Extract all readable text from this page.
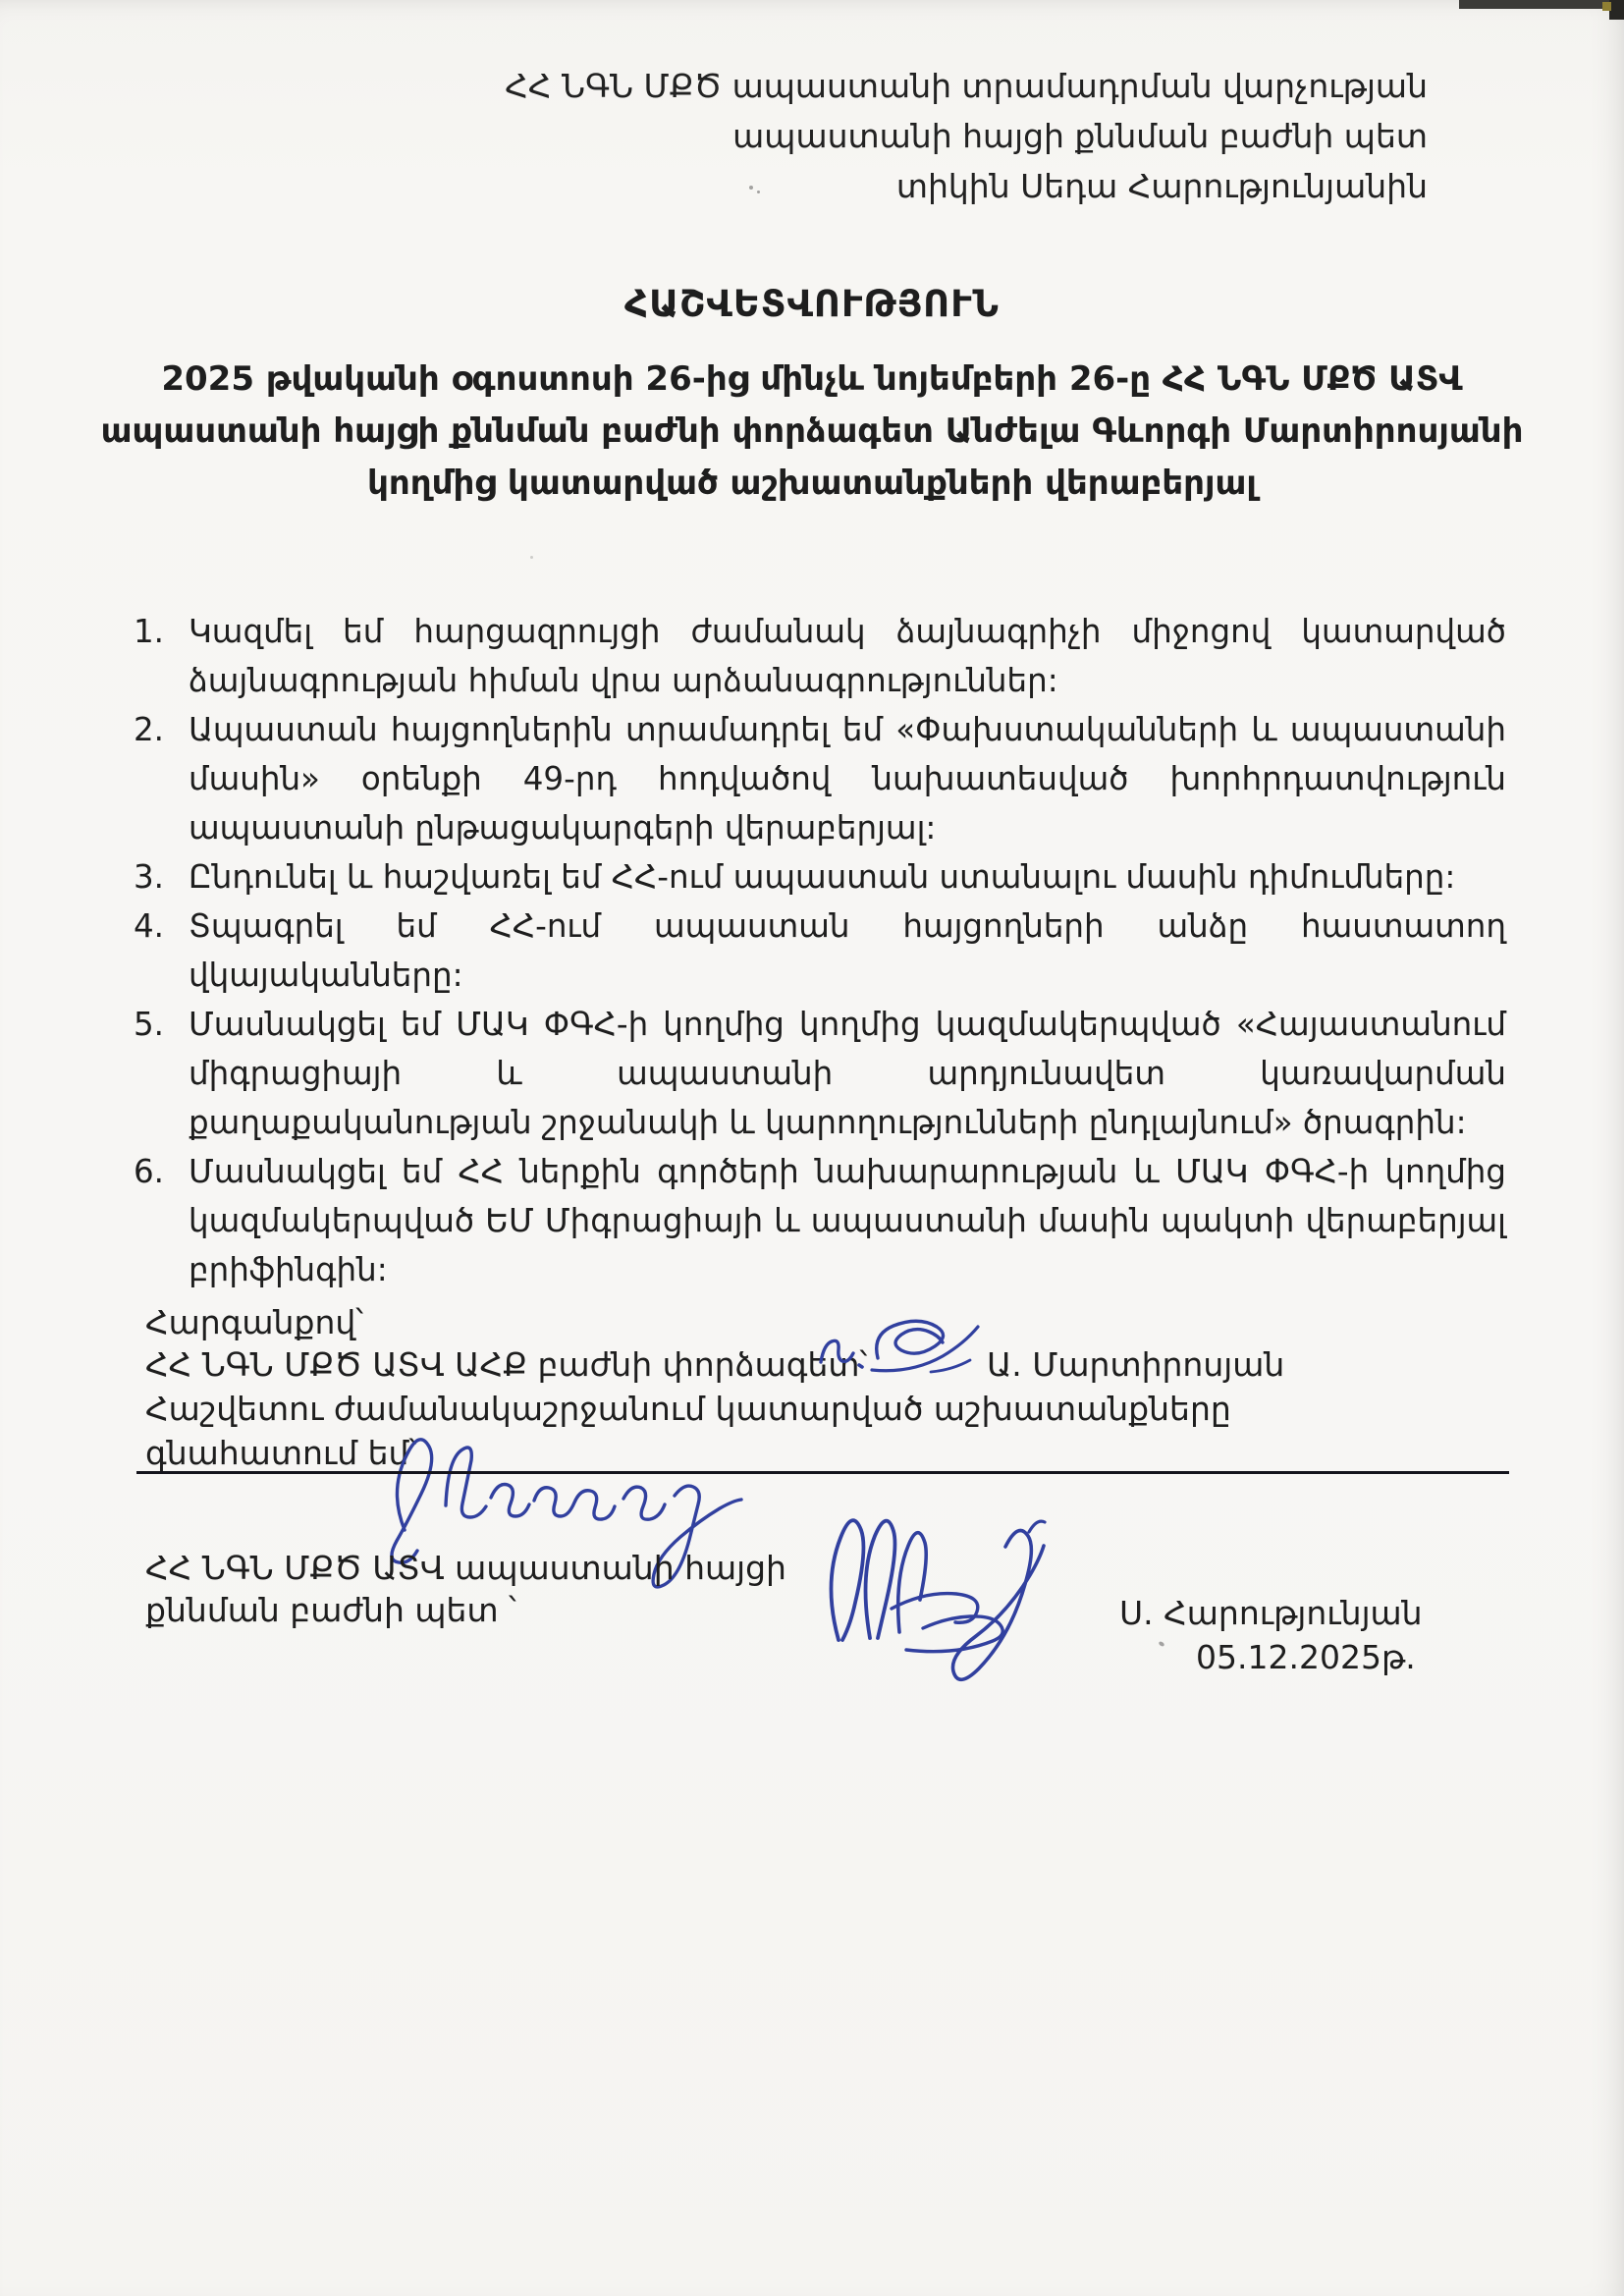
ՀՀ ՆԳՆ ՄՔԾ ապաստանի տրամադրման վարչության
ապաստանի հայցի քննման բաժնի պետ
տիկին Սեդա Հարությունյանին
ՀԱՇՎԵՏՎՈՒԹՅՈՒՆ
2025 թվականի օգոստոսի 26-ից մինչև նոյեմբերի 26-ը ՀՀ ՆԳՆ ՄՔԾ ԱՏՎ
ապաստանի հայցի քննման բաժնի փորձագետ Անժելա Գևորգի Մարտիրոսյանի
կողմից կատարված աշխատանքների վերաբերյալ
1. Կազմել եմ հարցազրույցի ժամանակ ձայնագրիչի միջոցով կատարված ձայնագրության հիման վրա արձանագրություններ:
2. Ապաստան հայցողներին տրամադրել եմ «Փախստականների և ապաստանի մասին» օրենքի 49-րդ հոդվածով նախատեսված խորհրդատվություն ապաստանի ընթացակարգերի վերաբերյալ:
3. Ընդունել և հաշվառել եմ ՀՀ-ում ապաստան ստանալու մասին դիմումները:
4. Տպագրել եմ ՀՀ-ում ապաստան հայցողների անձը հաստատող վկայականները:
5. Մասնակցել եմ ՄԱԿ ՓԳՀ-ի կողմից կողմից կազմակերպված «Հայաստանում միգրացիայի և ապաստանի արդյունավետ կառավարման քաղաքականության շրջանակի և կարողությունների ընդլայնում» ծրագրին:
6. Մասնակցել եմ ՀՀ ներքին գործերի նախարարության և ՄԱԿ ՓԳՀ-ի կողմից կազմակերպված ԵՄ Միգրացիայի և ապաստանի մասին պակտի վերաբերյալ բրիֆինգին:
Հարգանքով՝
ՀՀ ՆԳՆ ՄՔԾ ԱՏՎ ԱՀՔ բաժնի փորձագետ՝	Ա. Մարտիրոսյան
Հաշվետու ժամանակաշրջանում կատարված աշխատանքները
գնահատում եմ՝
ՀՀ ՆԳՆ ՄՔԾ ԱՏՎ ապաստանի հայցի
քննման բաժնի պետ ՝	Ս. Հարությունյան
05.12.2025թ.
